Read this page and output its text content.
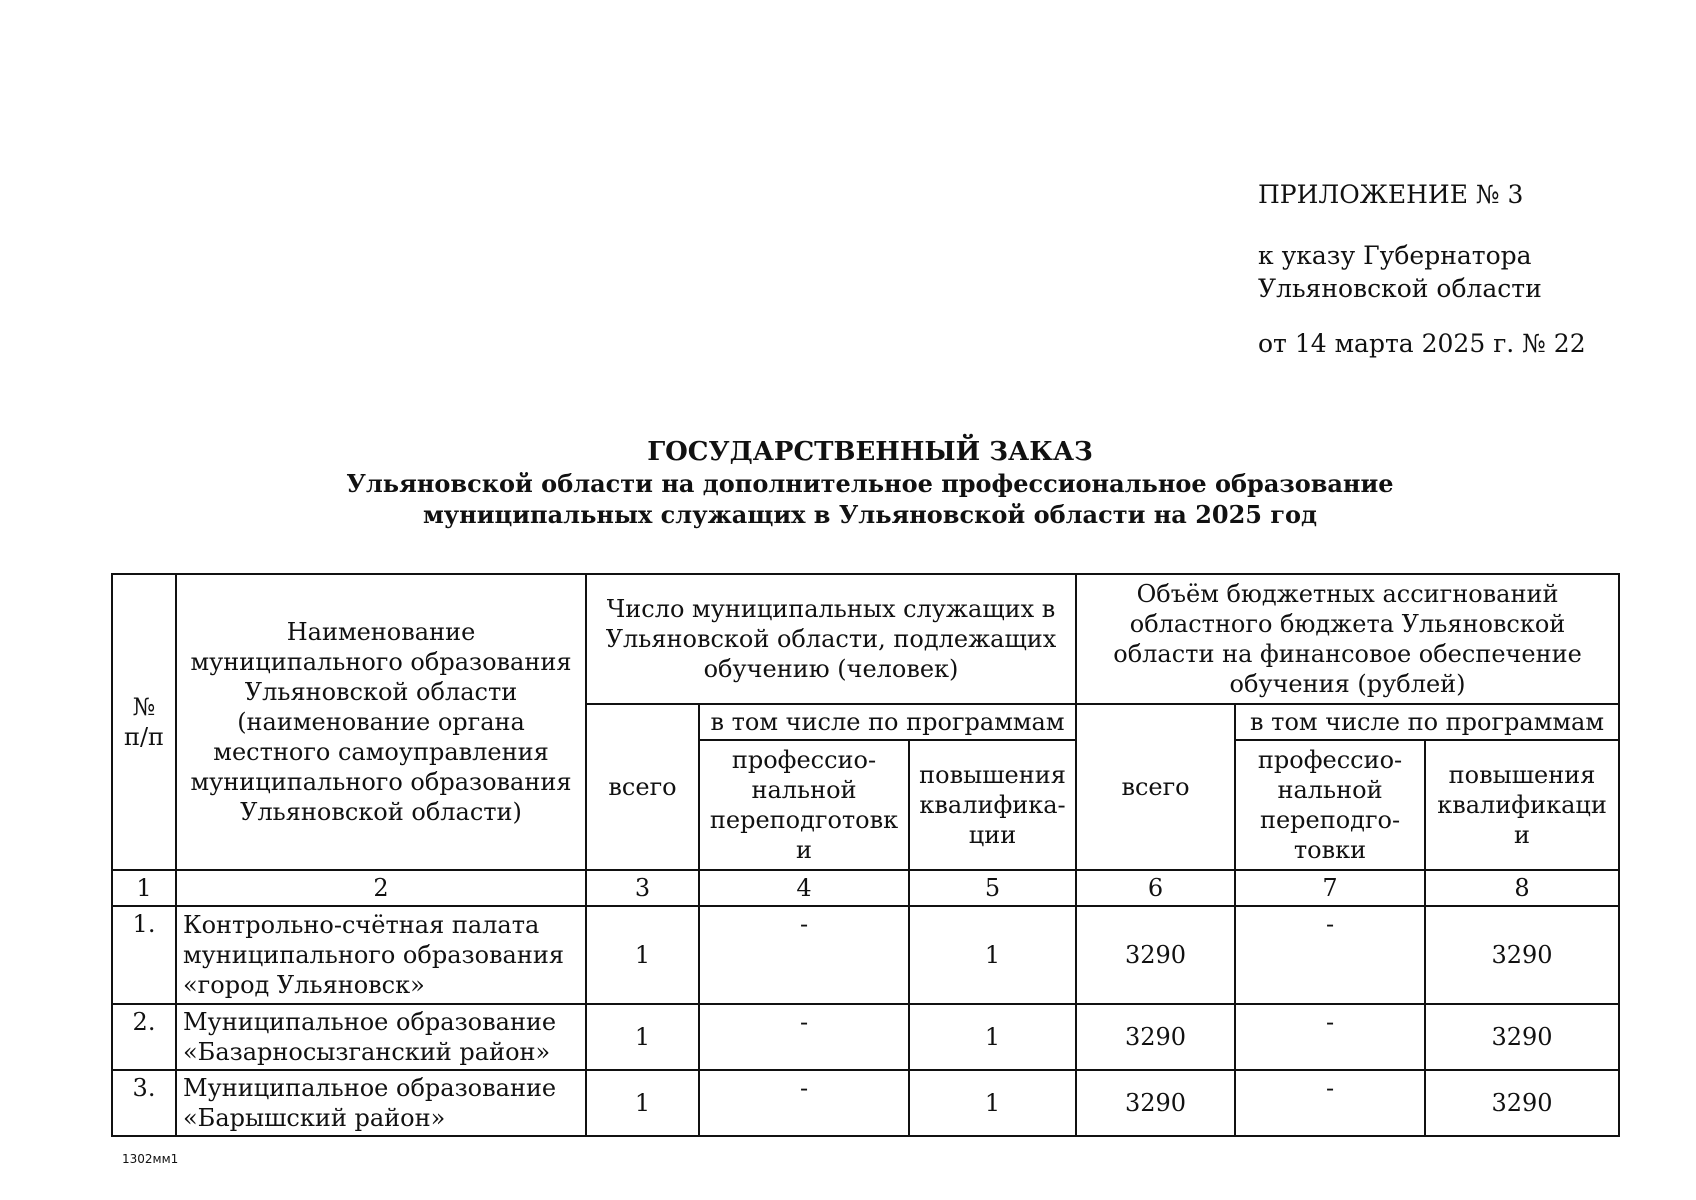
ПРИЛОЖЕНИЕ № 3
к указу Губернатора
Ульяновской области
от 14 марта 2025 г. № 22
ГОСУДАРСТВЕННЫЙ ЗАКАЗ
Ульяновской области на дополнительное профессиональное образование
муниципальных служащих в Ульяновской области на 2025 год
№ п/п	Наименование муниципального образования Ульяновской области (наименование органа местного самоуправления муниципального образования Ульяновской области)	Число муниципальных служащих в Ульяновской области, подлежащих обучению (человек)			Объём бюджетных ассигнований областного бюджета Ульяновской области на финансовое обеспечение обучения (рублей)		
		всего	в том числе по программам		всего	в том числе по программам	
			профессио-нальной переподготовки	повышения квалифика-ции		профессио-нальной переподго-товки	повышения квалификации
1	2	3	4	5	6	7	8
1.	Контрольно-счётная палата муниципального образования «город Ульяновск»	1	-	1	3290	-	3290
2.	Муниципальное образование «Базарносызганский район»	1	-	1	3290	-	3290
3.	Муниципальное образование «Барышский район»	1	-	1	3290	-	3290
1302мм1
